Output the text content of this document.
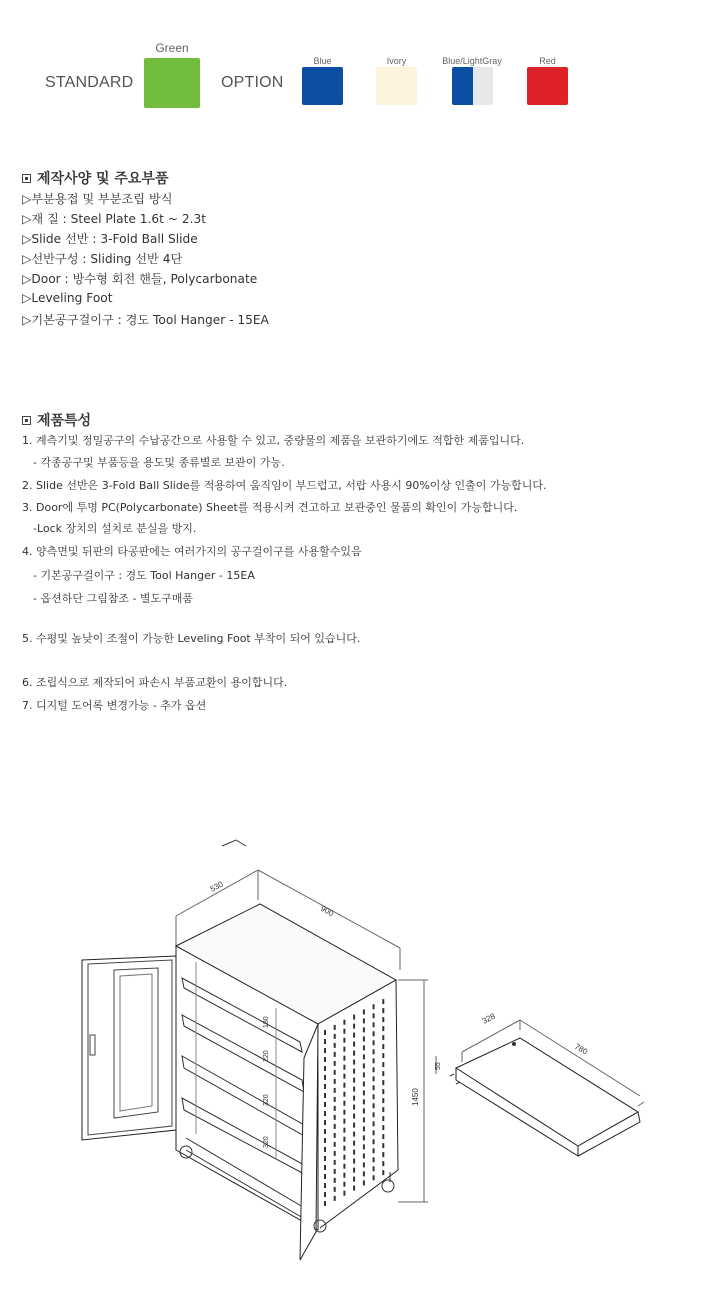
STANDARD
Green
OPTION
Blue	Ivory	Blue/LightGray	Red
제작사양 및 주요부품
▷부분용접 및 부분조립 방식
▷재 질 : Steel Plate 1.6t ~ 2.3t
▷Slide 선반 : 3-Fold Ball Slide
▷선반구성 : Sliding 선반 4단
▷Door : 방수형 회전 핸들, Polycarbonate
▷Leveling Foot
▷기본공구걸이구 : 경도 Tool Hanger - 15EA
제품특성
1. 계측기및 정밀공구의 수납공간으로 사용할 수 있고, 중량물의 제품을 보관하기에도 적합한 제품입니다.
- 각종공구및 부품등을 용도및 종류별로 보관이 가능.
2. Slide 선반은 3-Fold Ball Slide를 적용하여 움직임이 부드럽고, 서랍 사용시 90%이상 인출이 가능합니다.
3. Door에 투명 PC(Polycarbonate) Sheet를 적용시켜 견고하고 보관중인 물품의 확인이 가능합니다.
-Lock 장치의 설치로 분실을 방지.
4. 양측면및 뒤판의 타공판에는 여러가지의 공구걸이구를 사용할수있음
- 기본공구걸이구 : 경도 Tool Hanger - 15EA
- 옵션하단 그림참조 - 별도구매품
5. 수평및 높낮이 조절이 가능한 Leveling Foot 부착이 되어 있습니다.
6. 조립식으로 제작되어 파손시 부품교환이 용이합니다.
7. 디지털 도어록 변경가능 - 추가 옵션
530
900
1450
180
220
320
320
328
780
55
